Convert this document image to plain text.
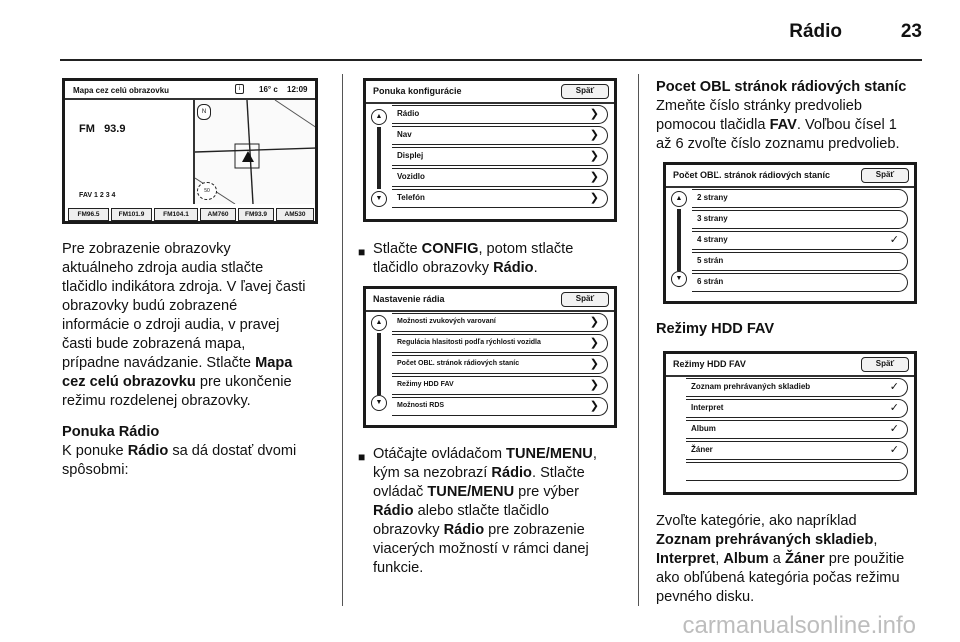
Rádio	23
Mapa cez celú obrazovku	i	16° c 12:09
FM 93.9
FAV 1 2 3 4
N
50
FM96.5	FM101.9	FM104.1	AM760	FM93.9	AM530
Pre zobrazenie obrazovky
aktuálneho zdroja audia stlačte
tlačidlo indikátora zdroja. V ľavej časti
obrazovky budú zobrazené
informácie o zdroji audia, v pravej
časti bude zobrazená mapa,
prípadne navádzanie. Stlačte Mapa
cez celú obrazovku pre ukončenie
režimu rozdelenej obrazovky.
Ponuka Rádio
K ponuke Rádio sa dá dostať dvomi
spôsobmi:
Ponuka konfigurácie	Späť
▲
▼
Rádio	❯
Nav	❯
Displej	❯
Vozidlo	❯
Telefón	❯
■ Stlačte CONFIG, potom stlačte
tlačidlo obrazovky Rádio.
Nastavenie rádia	Späť
▲
▼
Možnosti zvukových varovaní	❯
Regulácia hlasitosti podľa rýchlosti vozidla	❯
Počet OBĽ. stránok rádiových staníc	❯
Režimy HDD FAV	❯
Možnosti RDS	❯
■ Otáčajte ovládačom TUNE/MENU,
kým sa nezobrazí Rádio. Stlačte
ovládač TUNE/MENU pre výber
Rádio alebo stlačte tlačidlo
obrazovky Rádio pre zobrazenie
viacerých možností v rámci danej
funkcie.
Pocet OBL stránok rádiových staníc
Zmeňte číslo stránky predvolieb
pomocou tlačidla FAV. Voľbou čísel 1
až 6 zvoľte číslo zoznamu predvolieb.
Počet OBĽ. stránok rádiových staníc	Späť
▲
▼
2 strany
3 strany
4 strany	✓
5 strán
6 strán
Režimy HDD FAV
Režimy HDD FAV	Späť
Zoznam prehrávaných skladieb	✓
Interpret	✓
Album	✓
Žáner	✓
Zvoľte kategórie, ako napríklad
Zoznam prehrávaných skladieb,
Interpret, Album a Žáner pre použitie
ako obľúbená kategória počas režimu
pevného disku.
carmanualsonline.info
